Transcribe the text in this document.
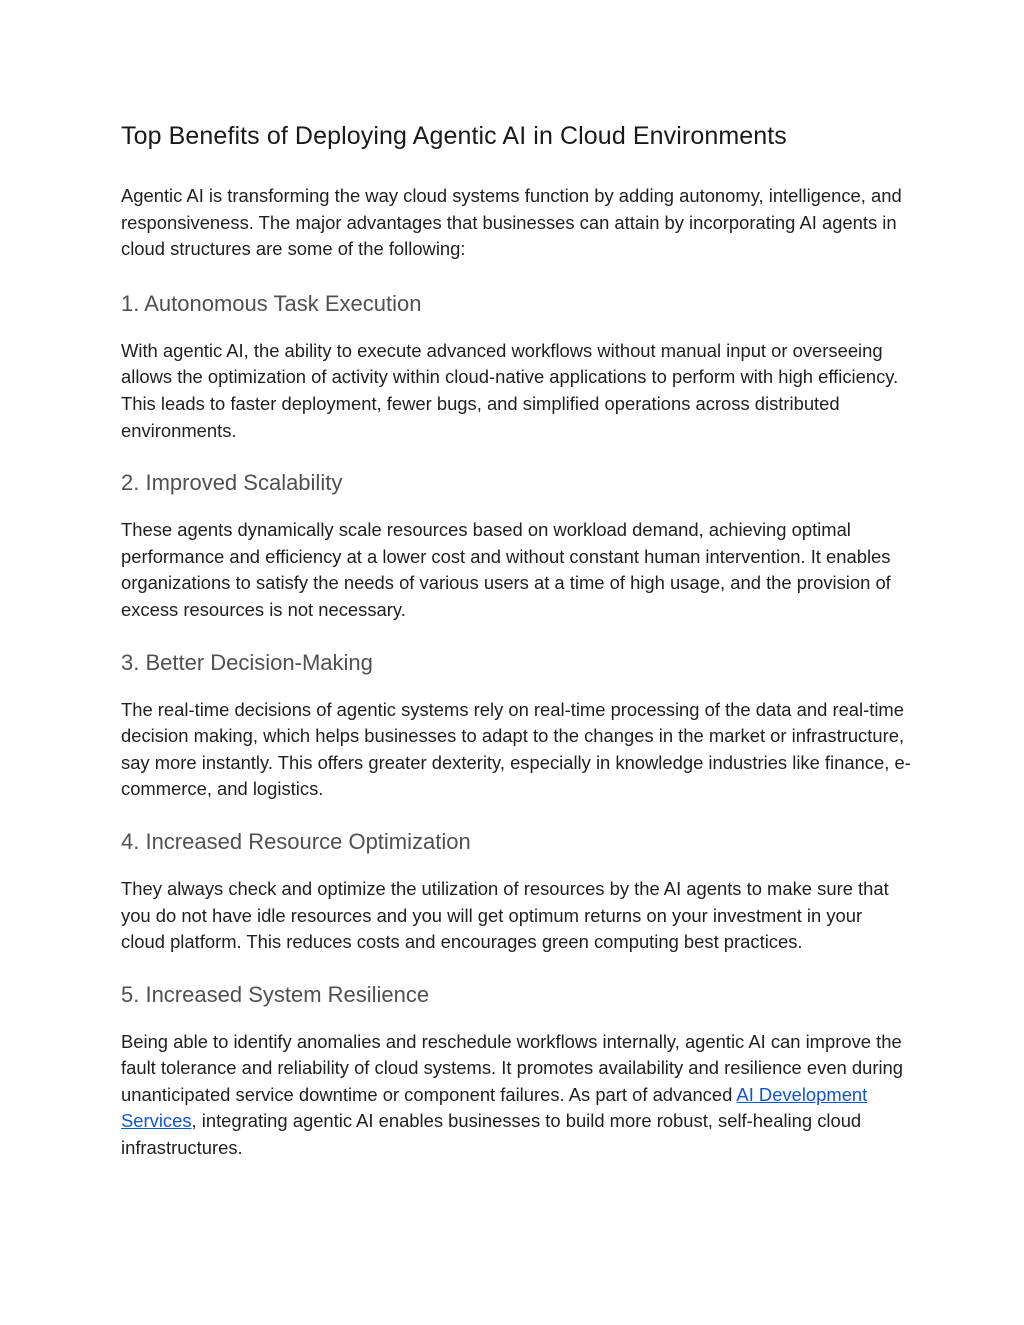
Top Benefits of Deploying Agentic AI in Cloud Environments

Agentic AI is transforming the way cloud systems function by adding autonomy, intelligence, and responsiveness. The major advantages that businesses can attain by incorporating AI agents in cloud structures are some of the following:

1. Autonomous Task Execution

With agentic AI, the ability to execute advanced workflows without manual input or overseeing allows the optimization of activity within cloud-native applications to perform with high efficiency. This leads to faster deployment, fewer bugs, and simplified operations across distributed environments.

2. Improved Scalability

These agents dynamically scale resources based on workload demand, achieving optimal performance and efficiency at a lower cost and without constant human intervention. It enables organizations to satisfy the needs of various users at a time of high usage, and the provision of excess resources is not necessary.

3. Better Decision-Making

The real-time decisions of agentic systems rely on real-time processing of the data and real-time decision making, which helps businesses to adapt to the changes in the market or infrastructure, say more instantly. This offers greater dexterity, especially in knowledge industries like finance, e-commerce, and logistics.

4. Increased Resource Optimization

They always check and optimize the utilization of resources by the AI agents to make sure that you do not have idle resources and you will get optimum returns on your investment in your cloud platform. This reduces costs and encourages green computing best practices.

5. Increased System Resilience

Being able to identify anomalies and reschedule workflows internally, agentic AI can improve the fault tolerance and reliability of cloud systems. It promotes availability and resilience even during unanticipated service downtime or component failures. As part of advanced AI Development Services, integrating agentic AI enables businesses to build more robust, self-healing cloud infrastructures.
